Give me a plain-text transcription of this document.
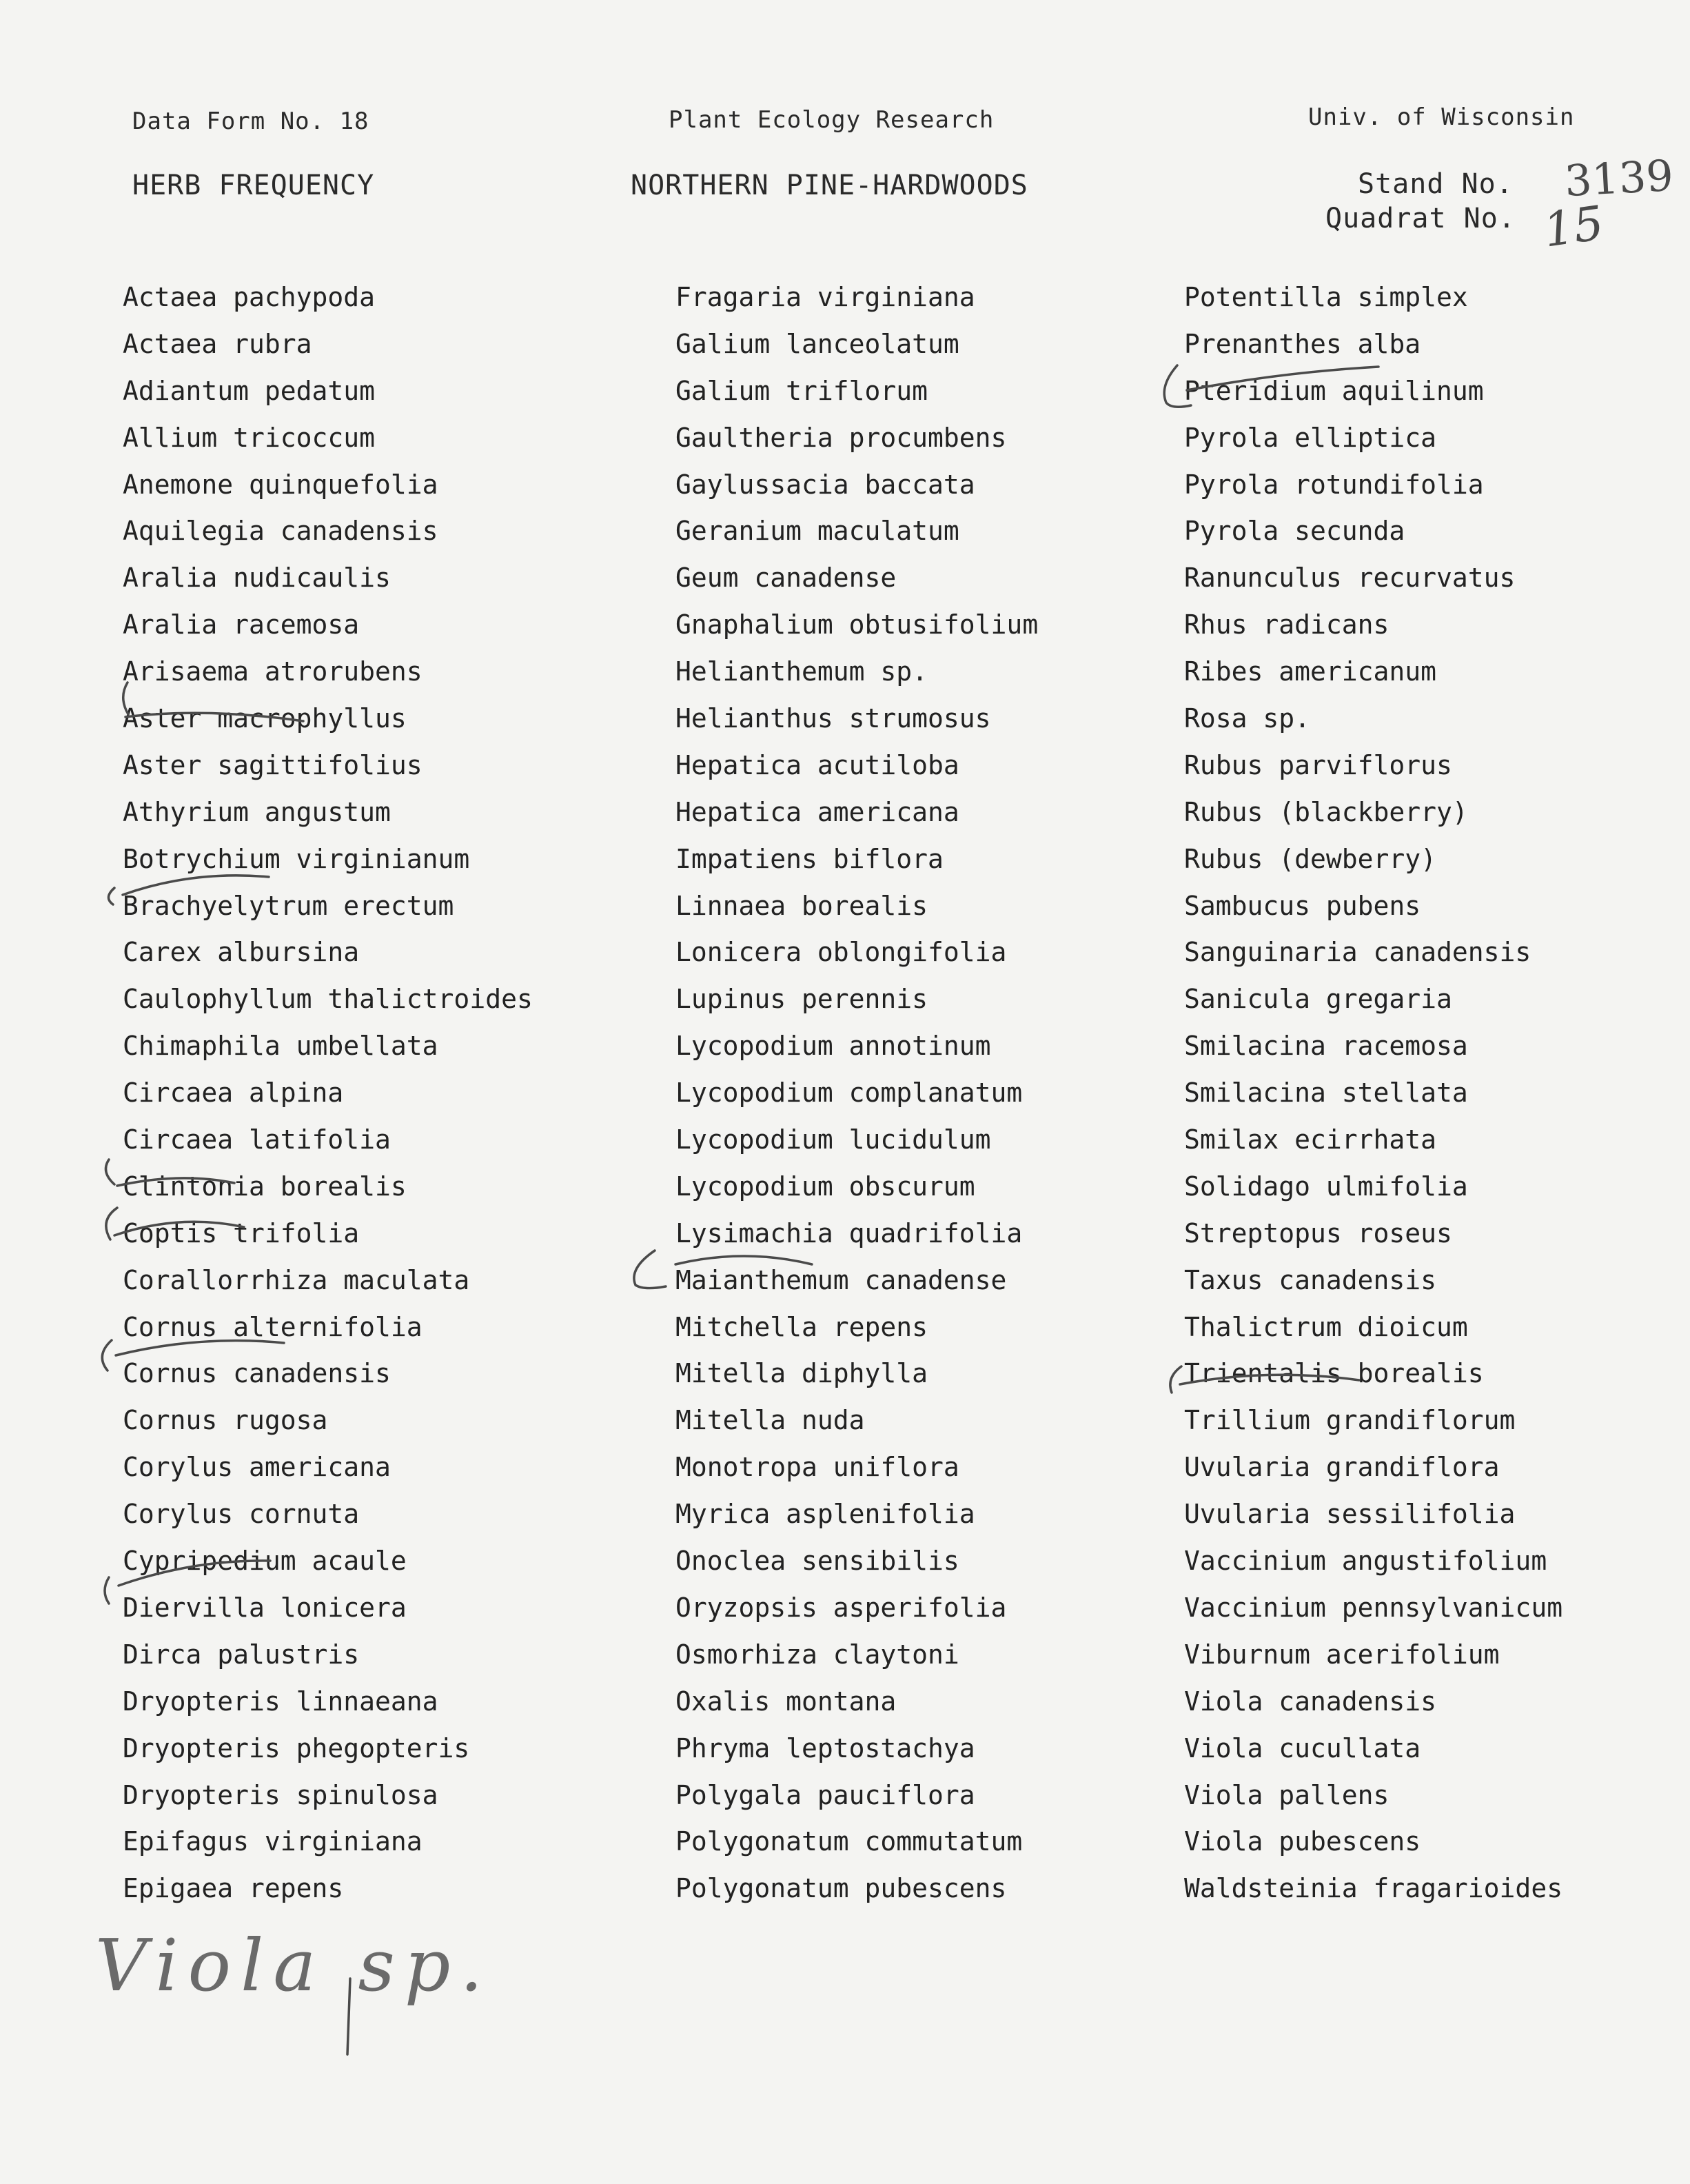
Data Form No. 18	Plant Ecology Research	Univ. of Wisconsin
HERB FREQUENCY	NORTHERN PINE-HARDWOODS	Stand No.
Quadrat No.
3139
15
Actaea pachypoda
Actaea rubra
Adiantum pedatum
Allium tricoccum
Anemone quinquefolia
Aquilegia canadensis
Aralia nudicaulis
Aralia racemosa
Arisaema atrorubens
Aster macrophyllus
Aster sagittifolius
Athyrium angustum
Botrychium virginianum
Brachyelytrum erectum
Carex albursina
Caulophyllum thalictroides
Chimaphila umbellata
Circaea alpina
Circaea latifolia
Clintonia borealis
Coptis trifolia
Corallorrhiza maculata
Cornus alternifolia
Cornus canadensis
Cornus rugosa
Corylus americana
Corylus cornuta
Cypripedium acaule
Diervilla lonicera
Dirca palustris
Dryopteris linnaeana
Dryopteris phegopteris
Dryopteris spinulosa
Epifagus virginiana
Epigaea repens
Fragaria virginiana
Galium lanceolatum
Galium triflorum
Gaultheria procumbens
Gaylussacia baccata
Geranium maculatum
Geum canadense
Gnaphalium obtusifolium
Helianthemum sp.
Helianthus strumosus
Hepatica acutiloba
Hepatica americana
Impatiens biflora
Linnaea borealis
Lonicera oblongifolia
Lupinus perennis
Lycopodium annotinum
Lycopodium complanatum
Lycopodium lucidulum
Lycopodium obscurum
Lysimachia quadrifolia
Maianthemum canadense
Mitchella repens
Mitella diphylla
Mitella nuda
Monotropa uniflora
Myrica asplenifolia
Onoclea sensibilis
Oryzopsis asperifolia
Osmorhiza claytoni
Oxalis montana
Phryma leptostachya
Polygala pauciflora
Polygonatum commutatum
Polygonatum pubescens
Potentilla simplex
Prenanthes alba
Pteridium aquilinum
Pyrola elliptica
Pyrola rotundifolia
Pyrola secunda
Ranunculus recurvatus
Rhus radicans
Ribes americanum
Rosa sp.
Rubus parviflorus
Rubus (blackberry)
Rubus (dewberry)
Sambucus pubens
Sanguinaria canadensis
Sanicula gregaria
Smilacina racemosa
Smilacina stellata
Smilax ecirrhata
Solidago ulmifolia
Streptopus roseus
Taxus canadensis
Thalictrum dioicum
Trientalis borealis
Trillium grandiflorum
Uvularia grandiflora
Uvularia sessilifolia
Vaccinium angustifolium
Vaccinium pennsylvanicum
Viburnum acerifolium
Viola canadensis
Viola cucullata
Viola pallens
Viola pubescens
Waldsteinia fragarioides
Viola sp.
